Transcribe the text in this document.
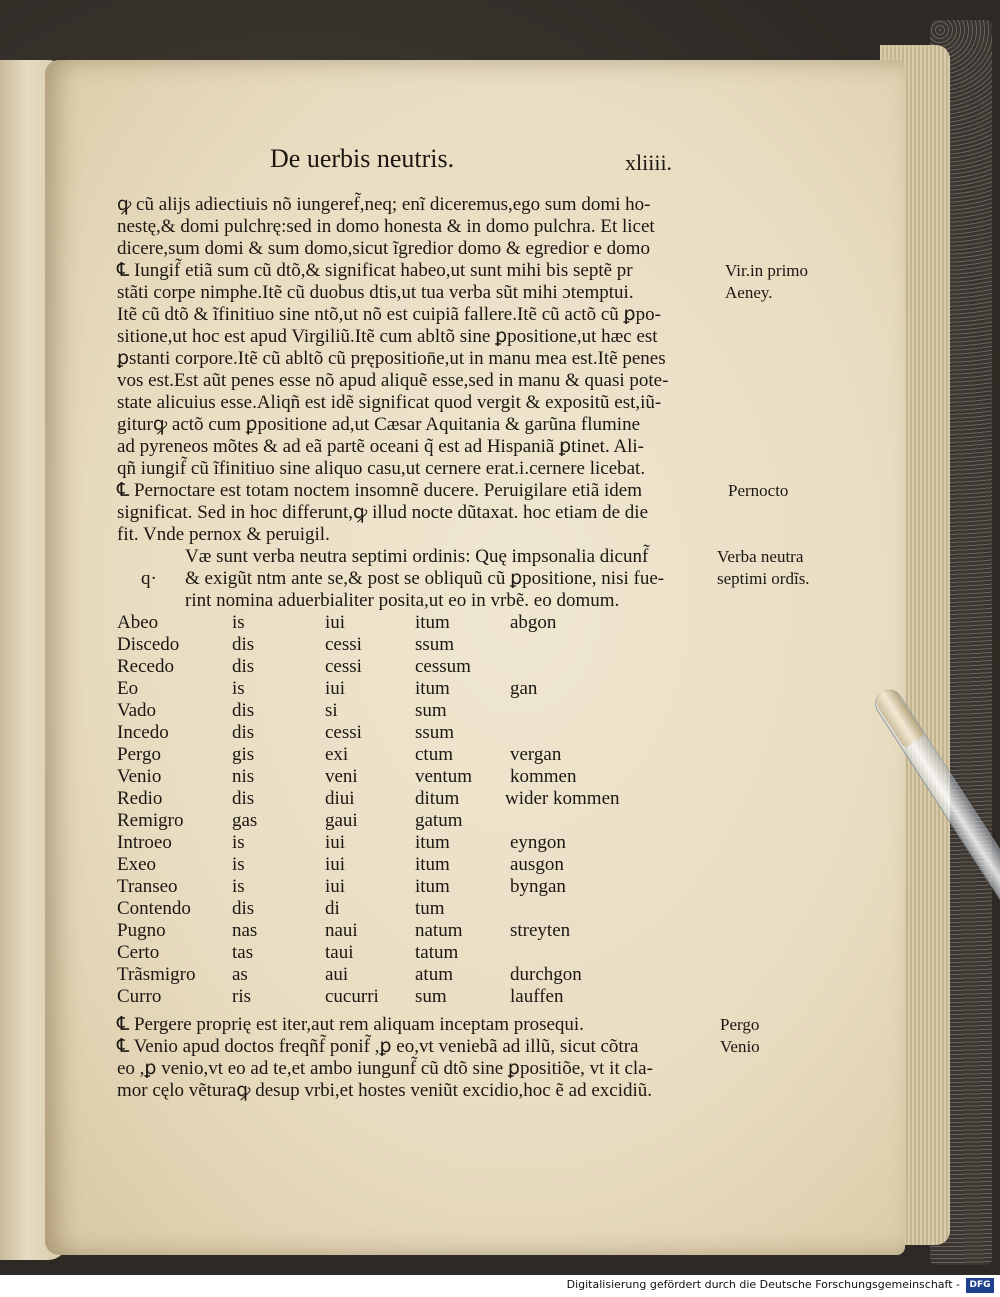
De uerbis neutris.	xliiii.
ꝙ cũ alijs adiectiuis nõ iungeref̃,neq; enĩ diceremus,ego sum domi ho-
nestę,& domi pulchrę:sed in domo honesta & in domo pulchra. Et licet
dicere,sum domi & sum domo,sicut ĩgredior domo & egredior e domo
℄ Iungif̃ etiã sum cũ dtõ,& significat habeo,ut sunt mihi bis septẽ pr
stãti corpe nimphe.Itẽ cũ duobus dtis,ut tua verba sũt mihi ɔtemptui.
Itẽ cũ dtõ & ĩfinitiuo sine ntõ,ut nõ est cuipiã fallere.Itẽ cũ actõ cũ ꝑpo-
sitione,ut hoc est apud Virgiliũ.Itẽ cum abltõ sine ꝑpositione,ut hæc est
ꝑstanti corpore.Itẽ cũ abltõ cũ pręposition̄e,ut in manu mea est.Itẽ penes
vos est.Est aũt penes esse nõ apud aliquẽ esse,sed in manu & quasi pote-
state alicuius esse.Aliqñ est idẽ significat quod vergit & expositũ est,iũ-
giturꝙ actõ cum ꝑpositione ad,ut Cæsar Aquitania & garũna flumine
ad pyreneos mõtes & ad eã partẽ oceani q̃ est ad Hispaniã ꝑtinet. Ali-
qñ iungif̃ cũ ĩfinitiuo sine aliquo casu,ut cernere erat.i.cernere licebat.
℄ Pernoctare est totam noctem insomnẽ ducere. Peruigilare etiã idem
significat. Sed in hoc differunt,ꝙ illud nocte dũtaxat. hoc etiam de die
fit. Vnde pernox & peruigil.
Væ sunt verba neutra septimi ordinis: Quę impsonalia dicunf̃
q· & exigũt ntm ante se,& post se obliquũ cũ ꝑpositione, nisi fue-
rint nomina aduerbialiter posita,ut eo in vrbẽ. eo domum.
Abeo	is	iui	itum	abgon
Discedo	dis	cessi	ssum
Recedo	dis	cessi	cessum
Eo	is	iui	itum	gan
Vado	dis	si	sum
Incedo	dis	cessi	ssum
Pergo	gis	exi	ctum	vergan
Venio	nis	veni	ventum kommen
Redio	dis	diui	ditum wider kommen
Remigro	gas	gaui	gatum
Introeo	is	iui	itum	eyngon
Exeo	is	iui	itum	ausgon
Transeo	is	iui	itum	byngan
Contendo dis	di	tum
Pugno	nas	naui	natum	streyten
Certo	tas	taui	tatum
Trãsmigro as	aui	atum	durchgon
Curro	ris	cucurri sum	lauffen
℄ Pergere proprię est iter,aut rem aliquam inceptam prosequi.
℄ Venio apud doctos freqñf̃ ponif̃ ,ꝑ eo,vt veniebã ad illũ, sicut cõtra
eo ,ꝑ venio,vt eo ad te,et ambo iungunf̃ cũ dtõ sine ꝑpositiõe, vt it cla-
mor cęlo vẽturaꝙ desup vrbi,et hostes veniũt excidio,hoc ẽ ad excidiũ.
Vir.in primo
Aeney.
Pernocto
Verba neutra
septimi ordĩs.
Pergo
Venio
Digitalisierung gefördert durch die Deutsche Forschungsgemeinschaft -	DFG
